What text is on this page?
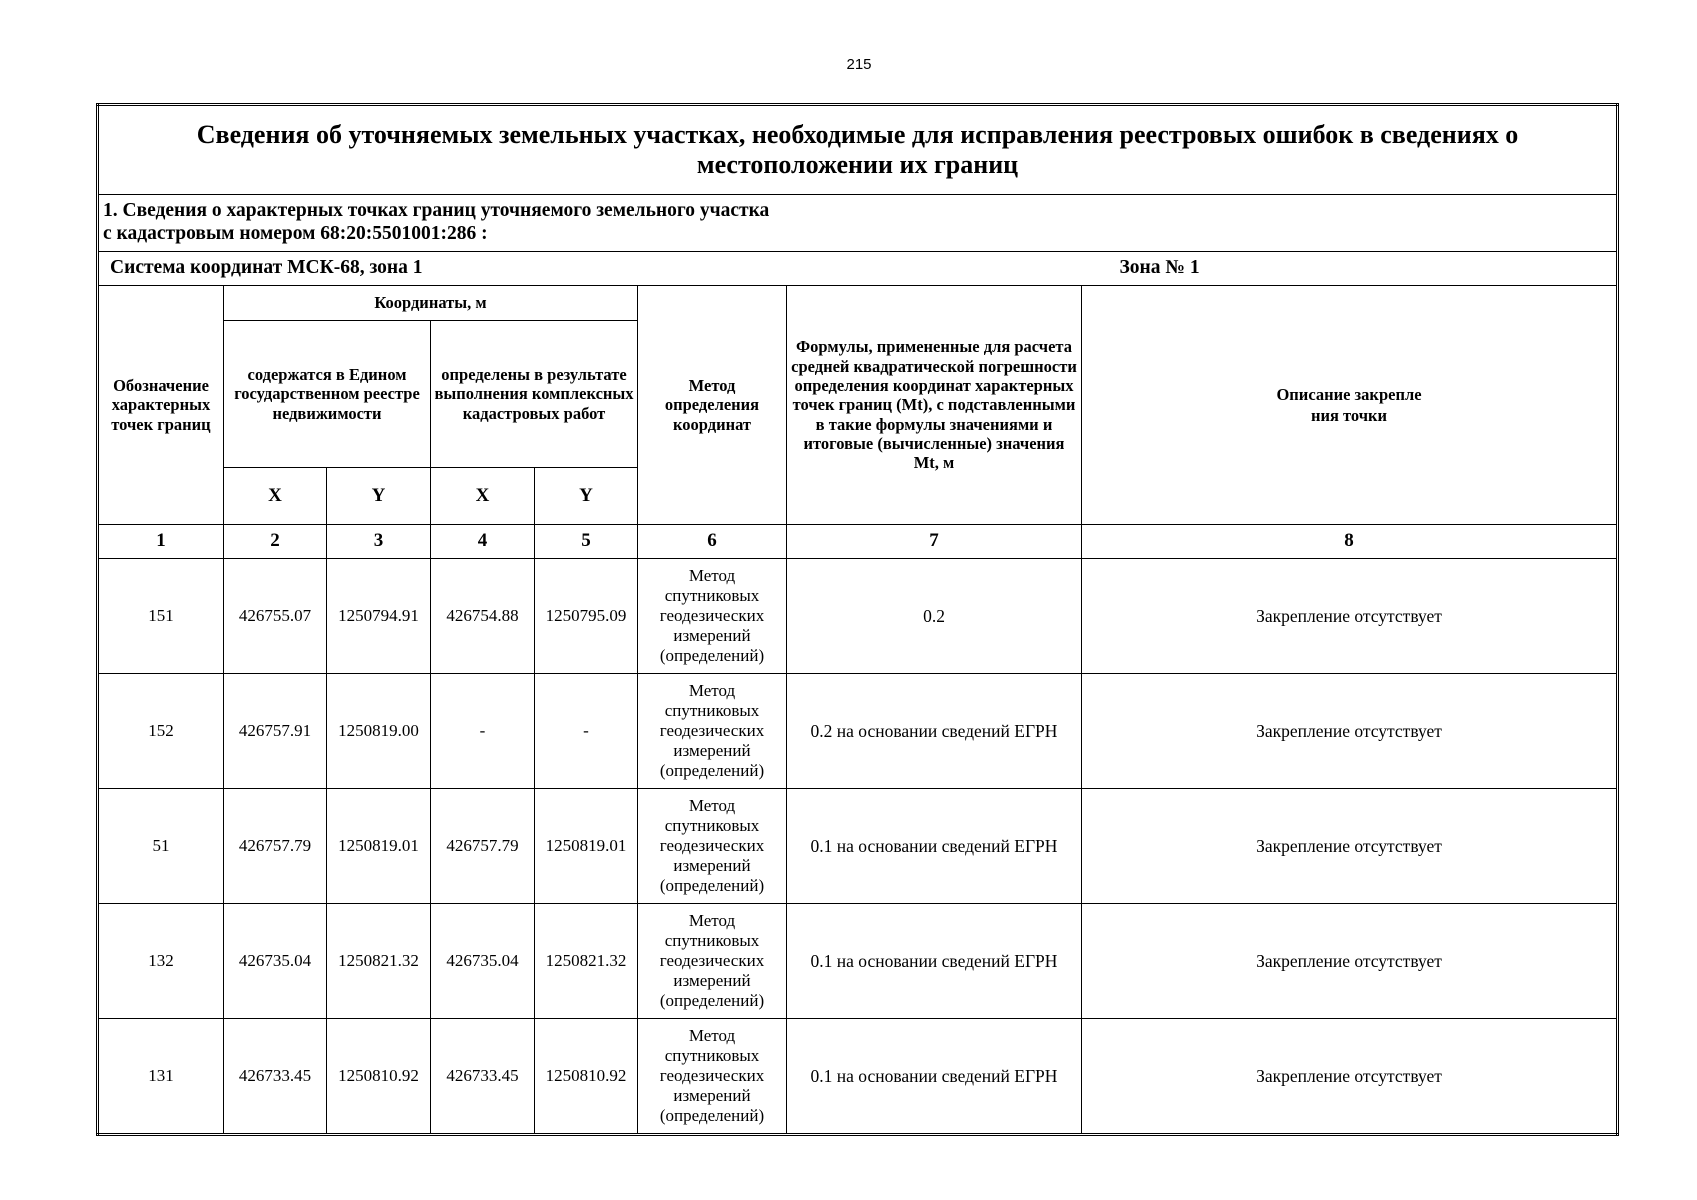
215
Сведения об уточняемых земельных участках, необходимые для исправления реестровых ошибок в сведениях о
местоположении их границ							

1. Сведения о характерных точках границ уточняемого земельного участка
с кадастровым номером 68:20:5501001:286 :							

Система координат МСК-68, зона 1 Зона № 1							

Обозначение характерных точек границ	Координаты, м				Метод определения координат	Формулы, примененные для расчета средней квадратической погрешности определения координат характерных точек границ (Mt), с подставленными в такие формулы значениями и итоговые (вычисленные) значения Mt, м	Описание закрепле
ния точки
	содержатся в Едином государственном реестре недвижимости		определены в результате выполнения комплексных кадастровых работ				
	X	Y	X	Y			
1	2	3	4	5	6	7	8
151	426755.07	1250794.91	426754.88	1250795.09	Метод спутниковых геодезических измерений (определений)	0.2	Закрепление отсутствует
152	426757.91	1250819.00	-	-	Метод спутниковых геодезических измерений (определений)	0.2 на основании сведений ЕГРН	Закрепление отсутствует
51	426757.79	1250819.01	426757.79	1250819.01	Метод спутниковых геодезических измерений (определений)	0.1 на основании сведений ЕГРН	Закрепление отсутствует
132	426735.04	1250821.32	426735.04	1250821.32	Метод спутниковых геодезических измерений (определений)	0.1 на основании сведений ЕГРН	Закрепление отсутствует
131	426733.45	1250810.92	426733.45	1250810.92	Метод спутниковых геодезических измерений (определений)	0.1 на основании сведений ЕГРН	Закрепление отсутствует
